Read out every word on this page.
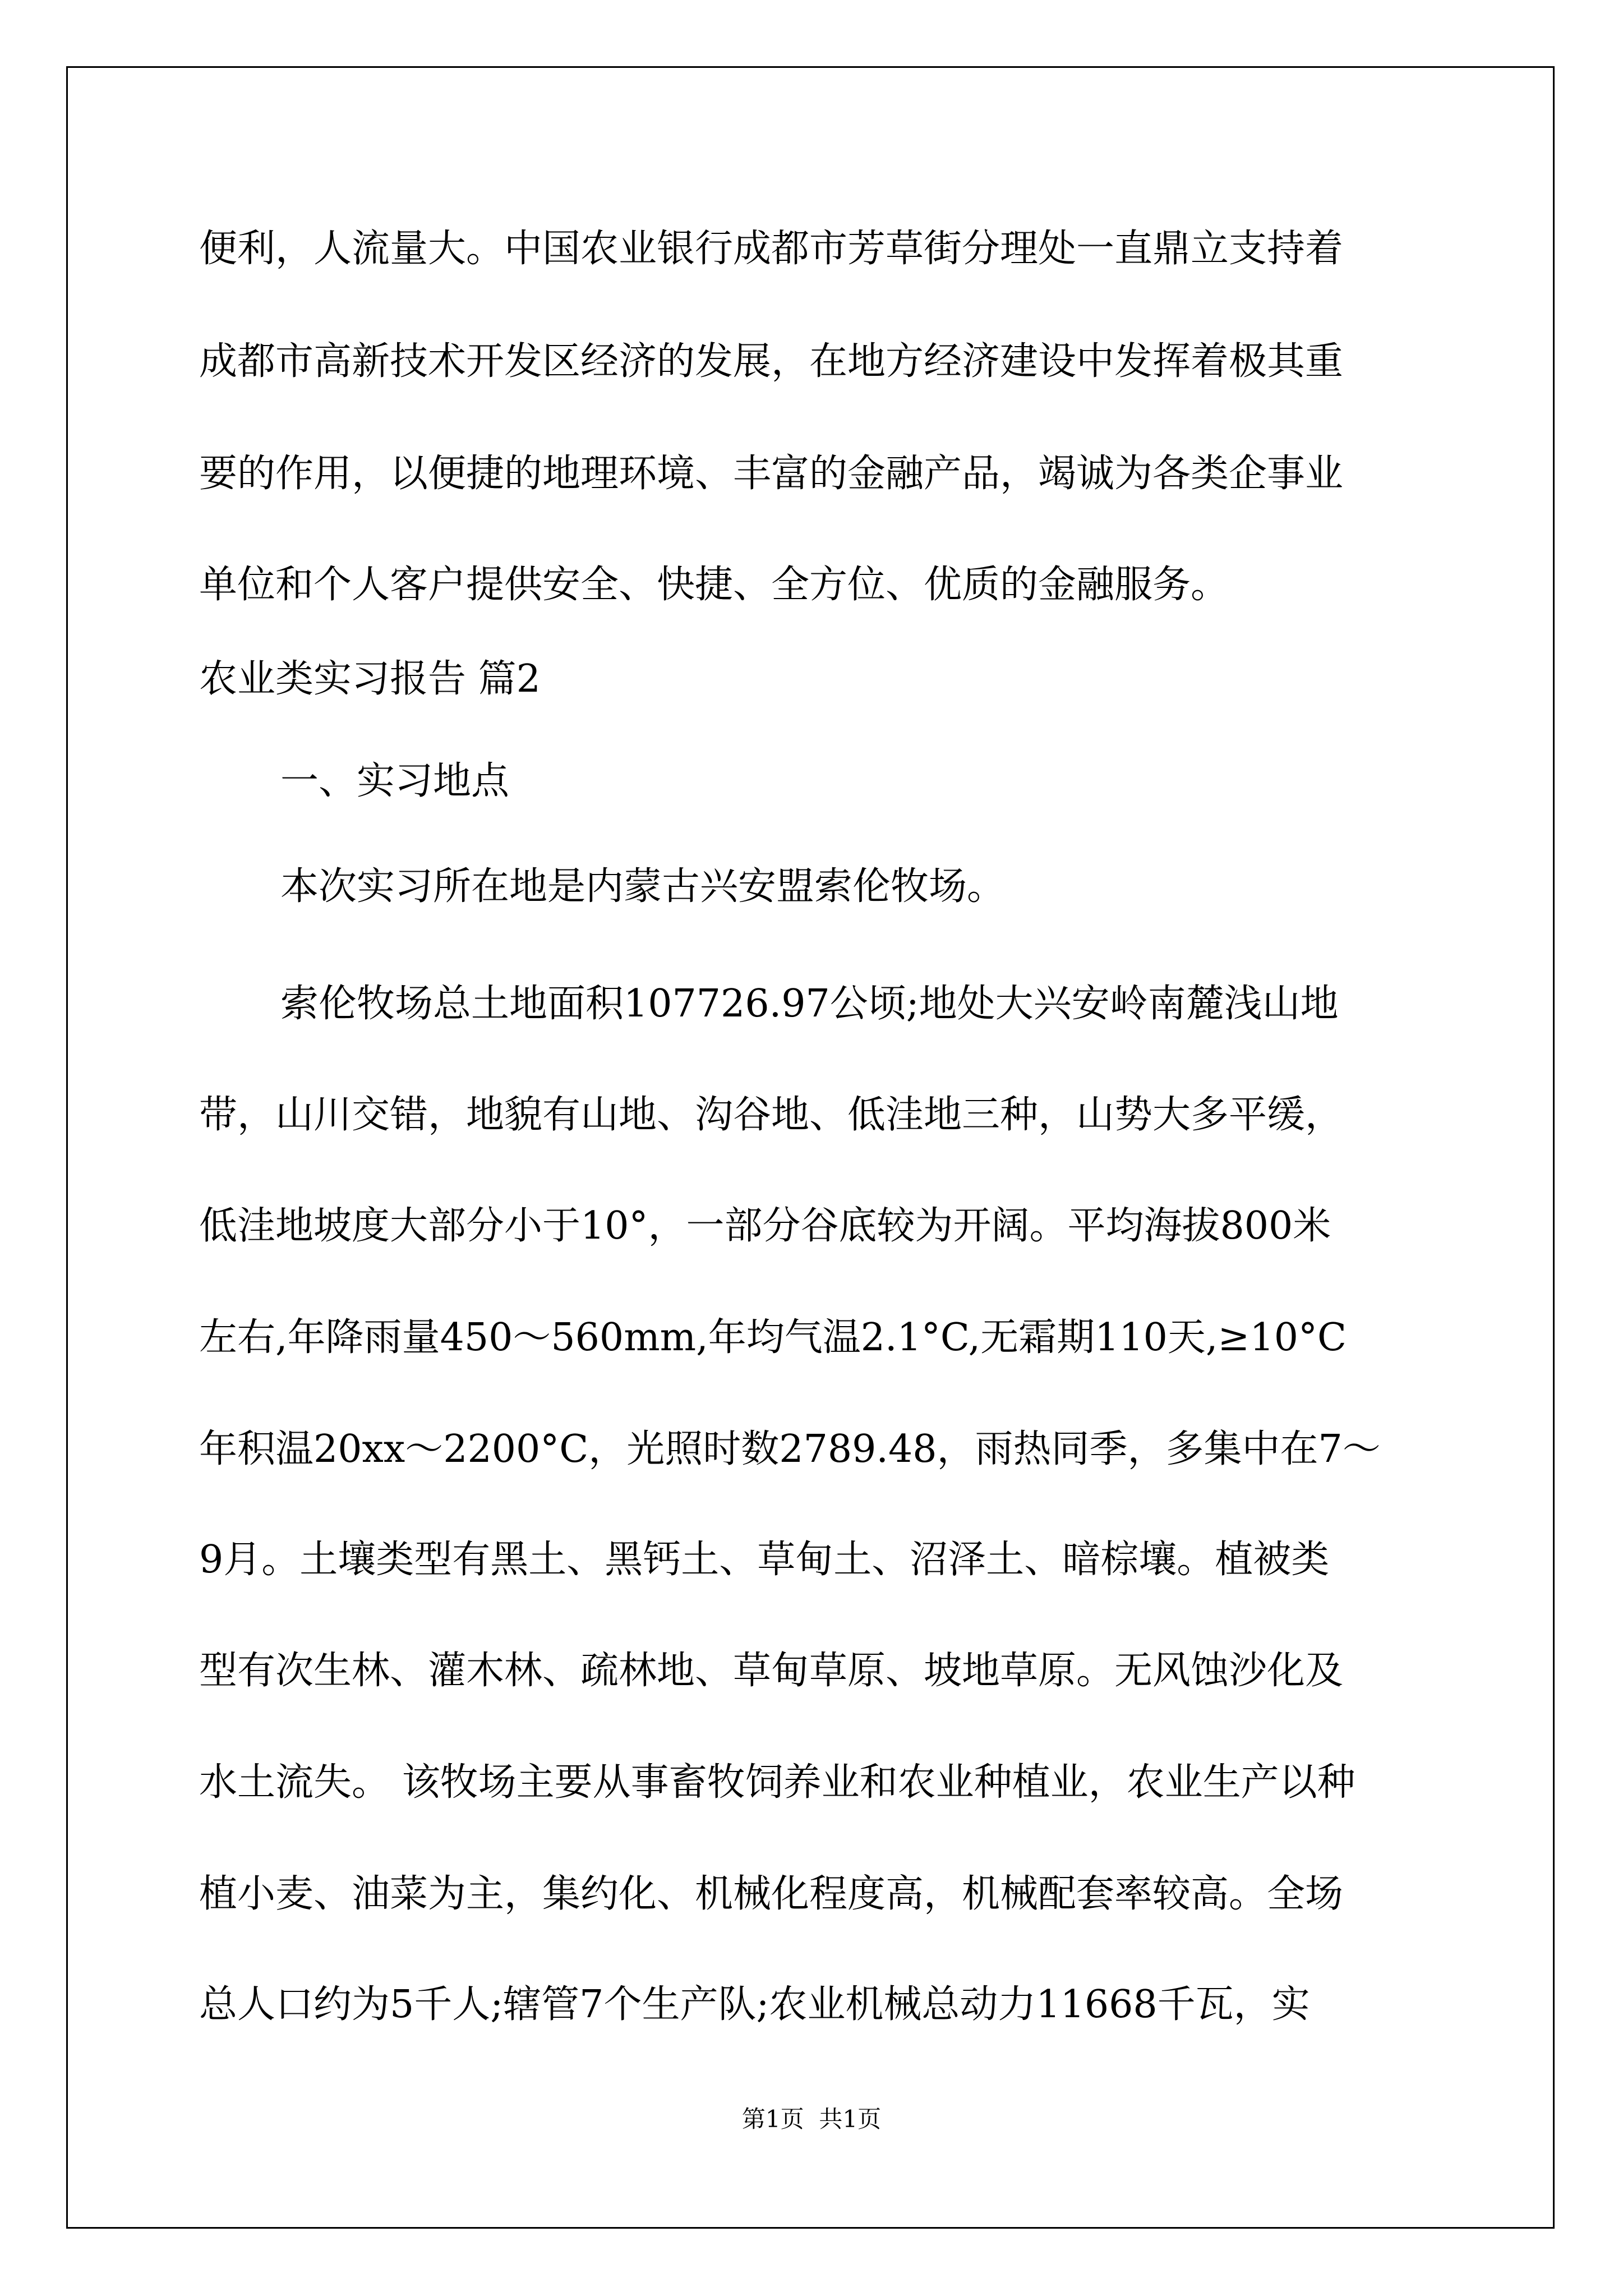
便利，人流量大。中国农业银行成都市芳草街分理处一直鼎立支持着
成都市高新技术开发区经济的发展，在地方经济建设中发挥着极其重
要的作用，以便捷的地理环境、丰富的金融产品，竭诚为各类企事业
单位和个人客户提供安全、快捷、全方位、优质的金融服务。
农业类实习报告 篇2
一、实习地点
本次实习所在地是内蒙古兴安盟索伦牧场。
索伦牧场总土地面积107726.97公顷;地处大兴安岭南麓浅山地
带，山川交错，地貌有山地、沟谷地、低洼地三种，山势大多平缓，
低洼地坡度大部分小于10°，一部分谷底较为开阔。平均海拔800米
左右,年降雨量450～560mm,年均气温2.1°C,无霜期110天,≥10°C
年积温20xx～2200°C，光照时数2789.48，雨热同季，多集中在7～
9月。土壤类型有黑土、黑钙土、草甸土、沼泽土、暗棕壤。植被类
型有次生林、灌木林、疏林地、草甸草原、坡地草原。无风蚀沙化及
水土流失。 该牧场主要从事畜牧饲养业和农业种植业，农业生产以种
植小麦、油菜为主，集约化、机械化程度高，机械配套率较高。全场
总人口约为5千人;辖管7个生产队;农业机械总动力11668千瓦，实
第1页  共1页
